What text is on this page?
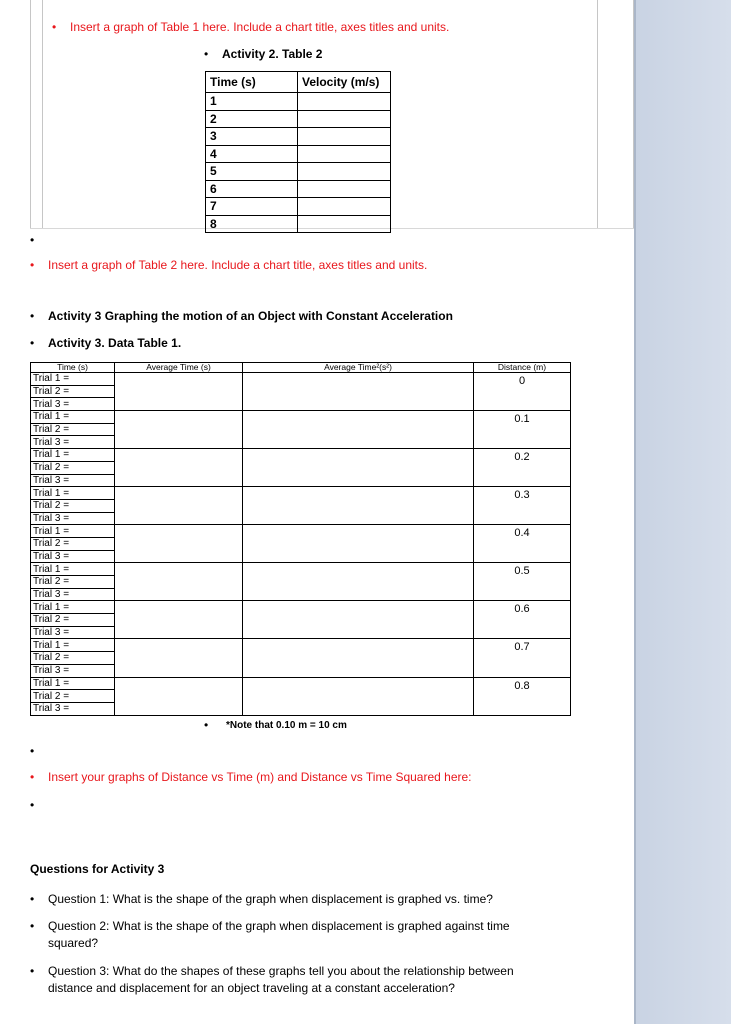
•	Insert a graph of Table 1 here. Include a chart title, axes titles and units.
•	Activity 2. Table 2
Time (s)	Velocity (m/s)
1	
2	
3	
4	
5	
6	
7	
8	
•
•	Insert a graph of Table 2 here. Include a chart title, axes titles and units.
•	Activity 3 Graphing the motion of an Object with Constant Acceleration
•	Activity 3. Data Table 1.
Time (s)	Average Time (s)	Average Time²(s²)	Distance (m)
Trial 1 =			0
Trial 2 =			
Trial 3 =			
Trial 1 =			0.1
Trial 2 =			
Trial 3 =			
Trial 1 =			0.2
Trial 2 =			
Trial 3 =			
Trial 1 =			0.3
Trial 2 =			
Trial 3 =			
Trial 1 =			0.4
Trial 2 =			
Trial 3 =			
Trial 1 =			0.5
Trial 2 =			
Trial 3 =			
Trial 1 =			0.6
Trial 2 =			
Trial 3 =			
Trial 1 =			0.7
Trial 2 =			
Trial 3 =			
Trial 1 =			0.8
Trial 2 =			
Trial 3 =			
•	*Note that 0.10 m = 10 cm
•
•	Insert your graphs of Distance vs Time (m) and Distance vs Time Squared here:
•
Questions for Activity 3
•	Question 1: What is the shape of the graph when displacement is graphed vs. time?
•	Question 2: What is the shape of the graph when displacement is graphed against time squared?
•	Question 3: What do the shapes of these graphs tell you about the relationship between distance and displacement for an object traveling at a constant acceleration?
